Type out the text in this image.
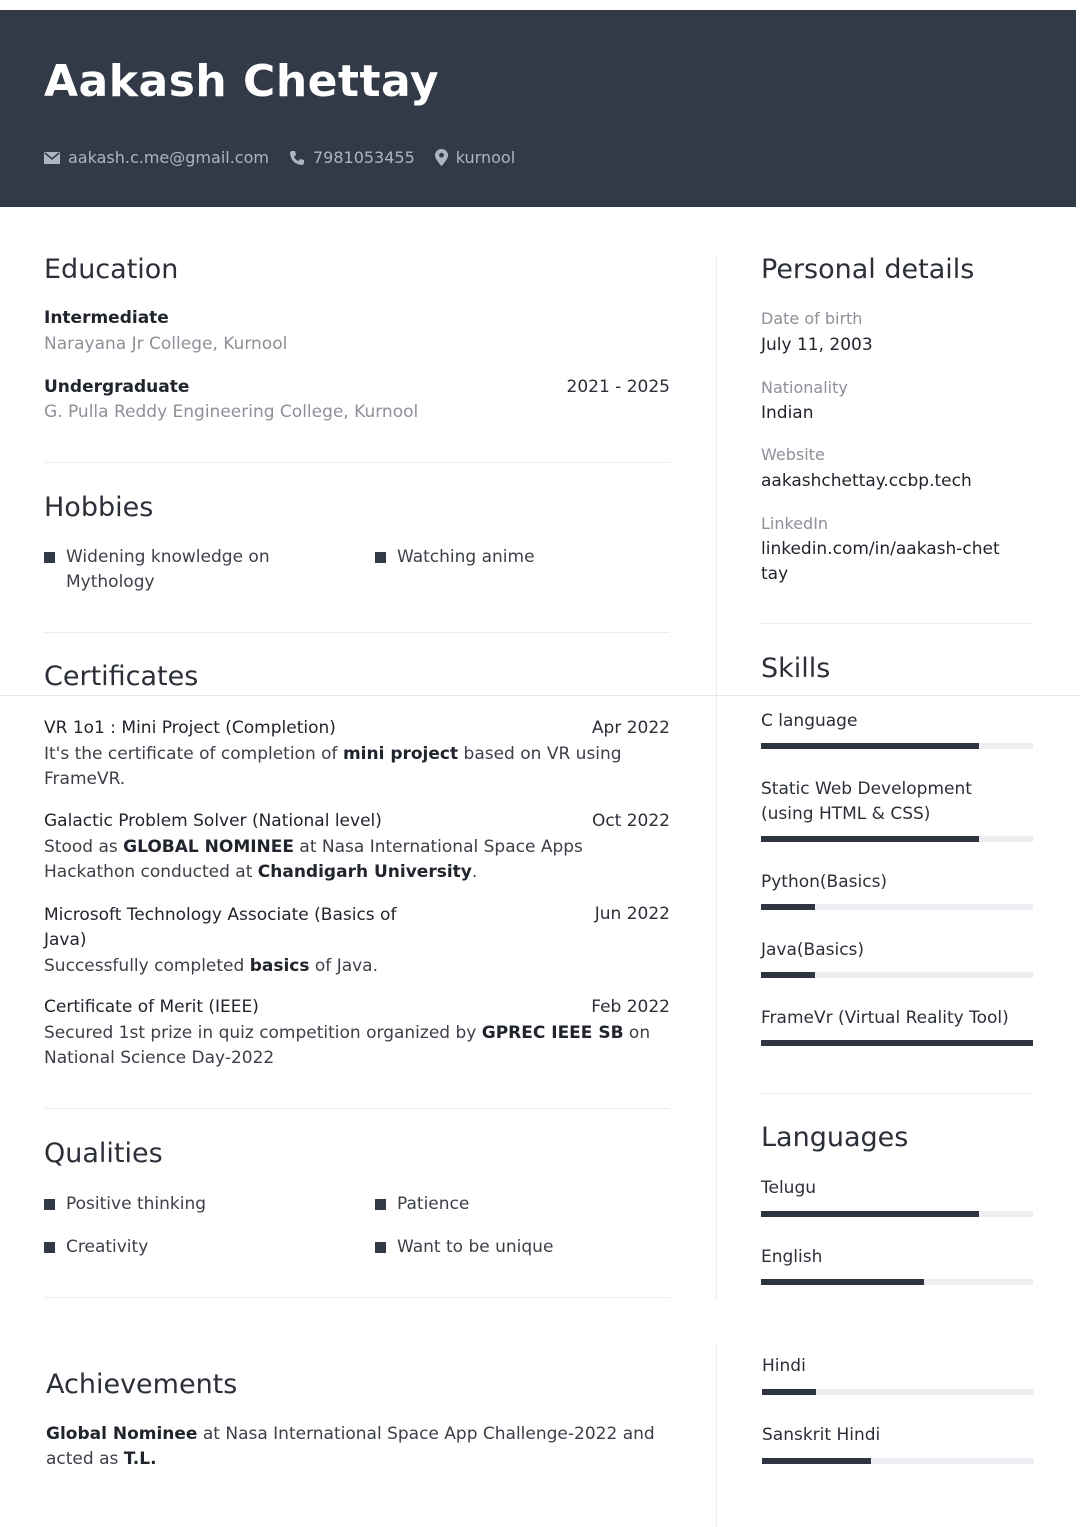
Aakash Chettay
aakash.c.me@gmail.com	7981053455	kurnool
Education
Intermediate
Narayana Jr College, Kurnool
Undergraduate	2021 - 2025
G. Pulla Reddy Engineering College, Kurnool
Hobbies
Widening knowledge on Mythology
Watching anime
Certificates
VR 1o1 : Mini Project (Completion)	Apr 2022
It's the certificate of completion of mini project based on VR using FrameVR.
Galactic Problem Solver (National level)	Oct 2022
Stood as GLOBAL NOMINEE at Nasa International Space Apps Hackathon conducted at Chandigarh University.
Microsoft Technology Associate (Basics of Java)
Jun 2022
Successfully completed basics of Java.
Certificate of Merit (IEEE)	Feb 2022
Secured 1st prize in quiz competition organized by GPREC IEEE SB on National Science Day-2022
Qualities
Positive thinking	Patience
Creativity	Want to be unique
Achievements
Global Nominee at Nasa International Space App Challenge-2022 and acted as T.L.
Personal details
Date of birth
July 11, 2003
Nationality
Indian
Website
aakashchettay.ccbp.tech
LinkedIn
linkedin.com/in/aakash-chettay
Skills
C language
Static Web Development (using HTML & CSS)
Python(Basics)
Java(Basics)
FrameVr (Virtual Reality Tool)
Languages
Telugu
English
Hindi
Sanskrit Hindi
